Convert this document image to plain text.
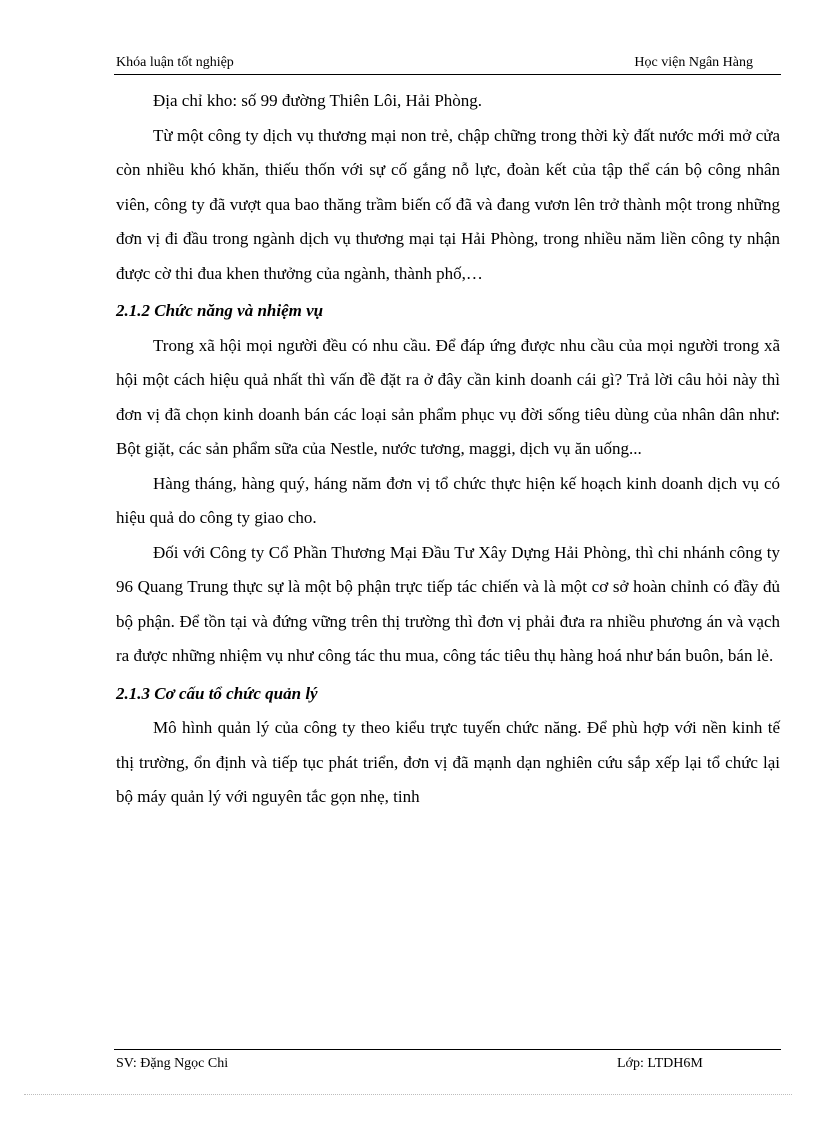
Khóa luận tốt nghiệp	Học viện Ngân Hàng

Địa chỉ kho: số 99 đường Thiên Lôi, Hải Phòng.

Từ một công ty dịch vụ thương mại non trẻ, chập chững trong thời kỳ đất nước mới mở cửa còn nhiều khó khăn, thiếu thốn với sự cố gắng nỗ lực, đoàn kết của tập thể cán bộ công nhân viên, công ty đã vượt qua bao thăng trầm biến cố đã và đang vươn lên trở thành một trong những đơn vị đi đầu trong ngành dịch vụ thương mại tại Hải Phòng, trong nhiều năm liền công ty nhận được cờ thi đua khen thưởng của ngành, thành phố,…

2.1.2 Chức năng và nhiệm vụ

Trong xã hội mọi người đều có nhu cầu. Để đáp ứng được nhu cầu của mọi người trong xã hội một cách hiệu quả nhất thì vấn đề đặt ra ở đây cần kinh doanh cái gì? Trả lời câu hỏi này thì đơn vị đã chọn kinh doanh bán các loại sản phẩm phục vụ đời sống tiêu dùng của nhân dân như: Bột giặt, các sản phẩm sữa của Nestle, nước tương, maggi, dịch vụ ăn uống...

Hàng tháng, hàng quý, háng năm đơn vị tổ chức thực hiện kế hoạch kinh doanh dịch vụ có hiệu quả do công ty giao cho.

Đối với Công ty Cổ Phần Thương Mại Đầu Tư Xây Dựng Hải Phòng, thì chi nhánh công ty 96 Quang Trung thực sự là một bộ phận trực tiếp tác chiến và là một cơ sở hoàn chỉnh có đầy đủ bộ phận. Để tồn tại và đứng vững trên thị trường thì đơn vị phải đưa ra nhiều phương án và vạch ra được những nhiệm vụ như công tác thu mua, công tác tiêu thụ hàng hoá như bán buôn, bán lẻ.

2.1.3 Cơ cấu tổ chức quản lý

Mô hình quản lý của công ty theo kiểu trực tuyến chức năng. Để phù hợp với nền kinh tế thị trường, ổn định và tiếp tục phát triển, đơn vị đã mạnh dạn nghiên cứu sắp xếp lại tổ chức lại bộ máy quản lý với nguyên tắc gọn nhẹ, tinh

SV: Đặng Ngọc Chi	Lớp: LTDH6M
